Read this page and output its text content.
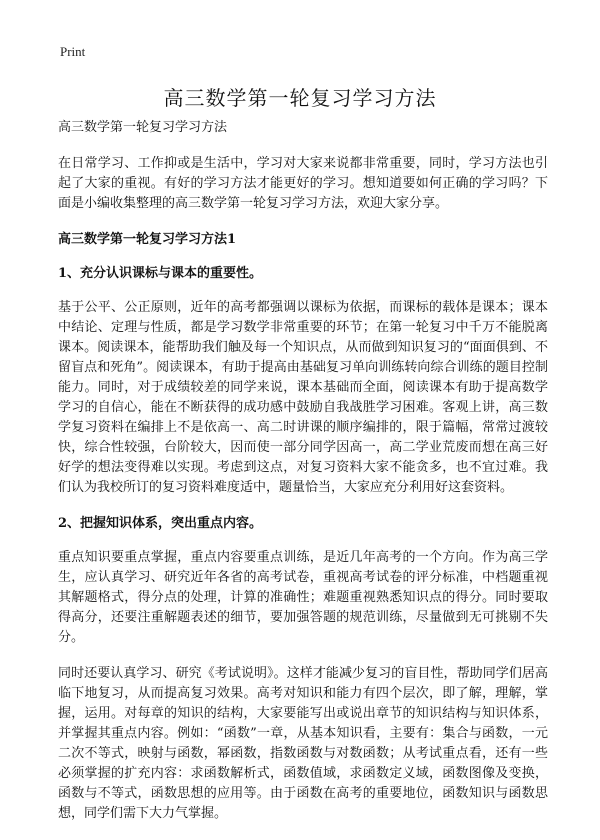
Print
高三数学第一轮复习学习方法

高三数学第一轮复习学习方法

在日常学习、工作抑或是生活中，学习对大家来说都非常重要，同时，学习方法也引起了大家的重视。有好的学习方法才能更好的学习。想知道要如何正确的学习吗？下面是小编收集整理的高三数学第一轮复习学习方法，欢迎大家分享。

高三数学第一轮复习学习方法1

1、充分认识课标与课本的重要性。

基于公平、公正原则，近年的高考都强调以课标为依据，而课标的载体是课本；课本中结论、定理与性质，都是学习数学非常重要的环节；在第一轮复习中千万不能脱离课本。阅读课本，能帮助我们触及每一个知识点，从而做到知识复习的“面面俱到、不留盲点和死角”。阅读课本，有助于提高由基础复习单向训练转向综合训练的题目控制能力。同时，对于成绩较差的同学来说，课本基础而全面，阅读课本有助于提高数学学习的自信心，能在不断获得的成功感中鼓励自我战胜学习困难。客观上讲，高三数学复习资料在编排上不是依高一、高二时讲课的顺序编排的，限于篇幅，常常过渡较快，综合性较强，台阶较大，因而使一部分同学因高一，高二学业荒废而想在高三好好学的想法变得难以实现。考虑到这点，对复习资料大家不能贪多，也不宜过难。我们认为我校所订的复习资料难度适中，题量恰当，大家应充分利用好这套资料。

2、把握知识体系，突出重点内容。

重点知识要重点掌握，重点内容要重点训练，是近几年高考的一个方向。作为高三学生，应认真学习、研究近年各省的高考试卷，重视高考试卷的评分标准，中档题重视其解题格式，得分点的处理，计算的准确性；难题重视熟悉知识点的得分。同时要取得高分，还要注重解题表述的细节，要加强答题的规范训练，尽量做到无可挑剔不失分。

同时还要认真学习、研究《考试说明》。这样才能减少复习的盲目性，帮助同学们居高临下地复习，从而提高复习效果。高考对知识和能力有四个层次，即了解，理解，掌握，运用。对每章的知识的结构，大家要能写出或说出章节的知识结构与知识体系，并掌握其重点内容。例如：“函数”一章，从基本知识看，主要有：集合与函数，一元二次不等式，映射与函数，幂函数，指数函数与对数函数；从考试重点看，还有一些必须掌握的扩充内容：求函数解析式，函数值域，求函数定义域，函数图像及变换，函数与不等式，函数思想的应用等。由于函数在高考的重要地位，函数知识与函数思想，同学们需下大力气掌握。
